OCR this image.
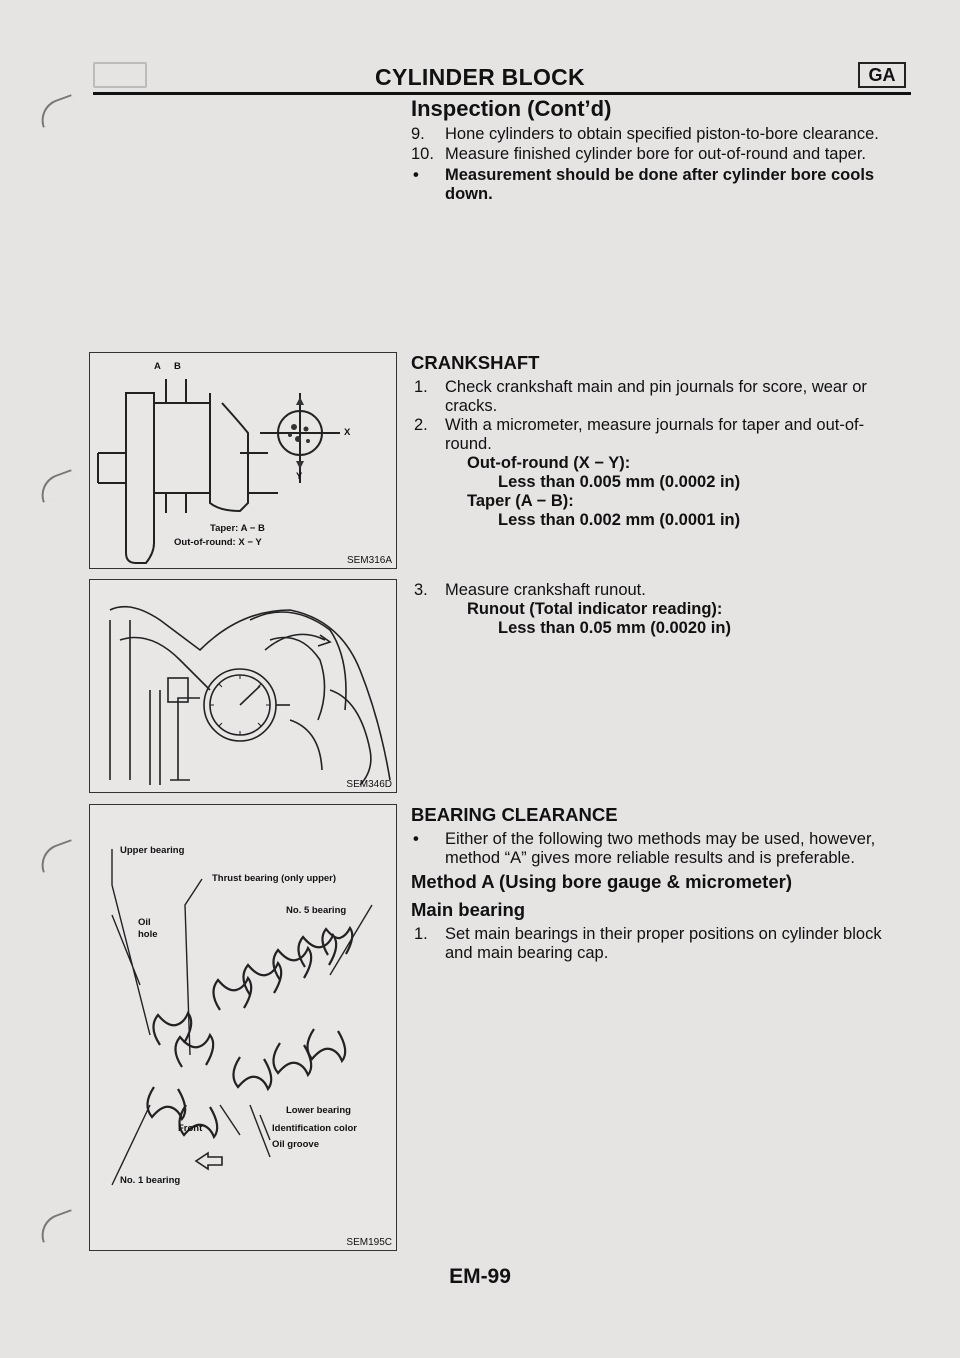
CYLINDER BLOCK	GA
Inspection (Cont’d)
9. Hone cylinders to obtain specified piston-to-bore clearance.
10. Measure finished cylinder bore for out-of-round and taper.
• Measurement should be done after cylinder bore cools
down.
CRANKSHAFT
1. Check crankshaft main and pin journals for score, wear or
cracks.
2. With a micrometer, measure journals for taper and out-of-
round.
Out-of-round (X − Y):
Less than 0.005 mm (0.0002 in)
Taper (A − B):
Less than 0.002 mm (0.0001 in)
3. Measure crankshaft runout.
Runout (Total indicator reading):
Less than 0.05 mm (0.0020 in)
BEARING CLEARANCE
• Either of the following two methods may be used, however,
method “A” gives more reliable results and is preferable.
Method A (Using bore gauge & micrometer)
Main bearing
1. Set main bearings in their proper positions on cylinder block
and main bearing cap.
A B
X
Y
Taper: A − B
Out-of-round: X − Y
SEM316A
SEM346D
Upper bearing
Thrust bearing (only upper)
Oil
hole
No. 5 bearing
Lower bearing
Front	Identification color
Oil groove
No. 1 bearing
SEM195C
EM-99
